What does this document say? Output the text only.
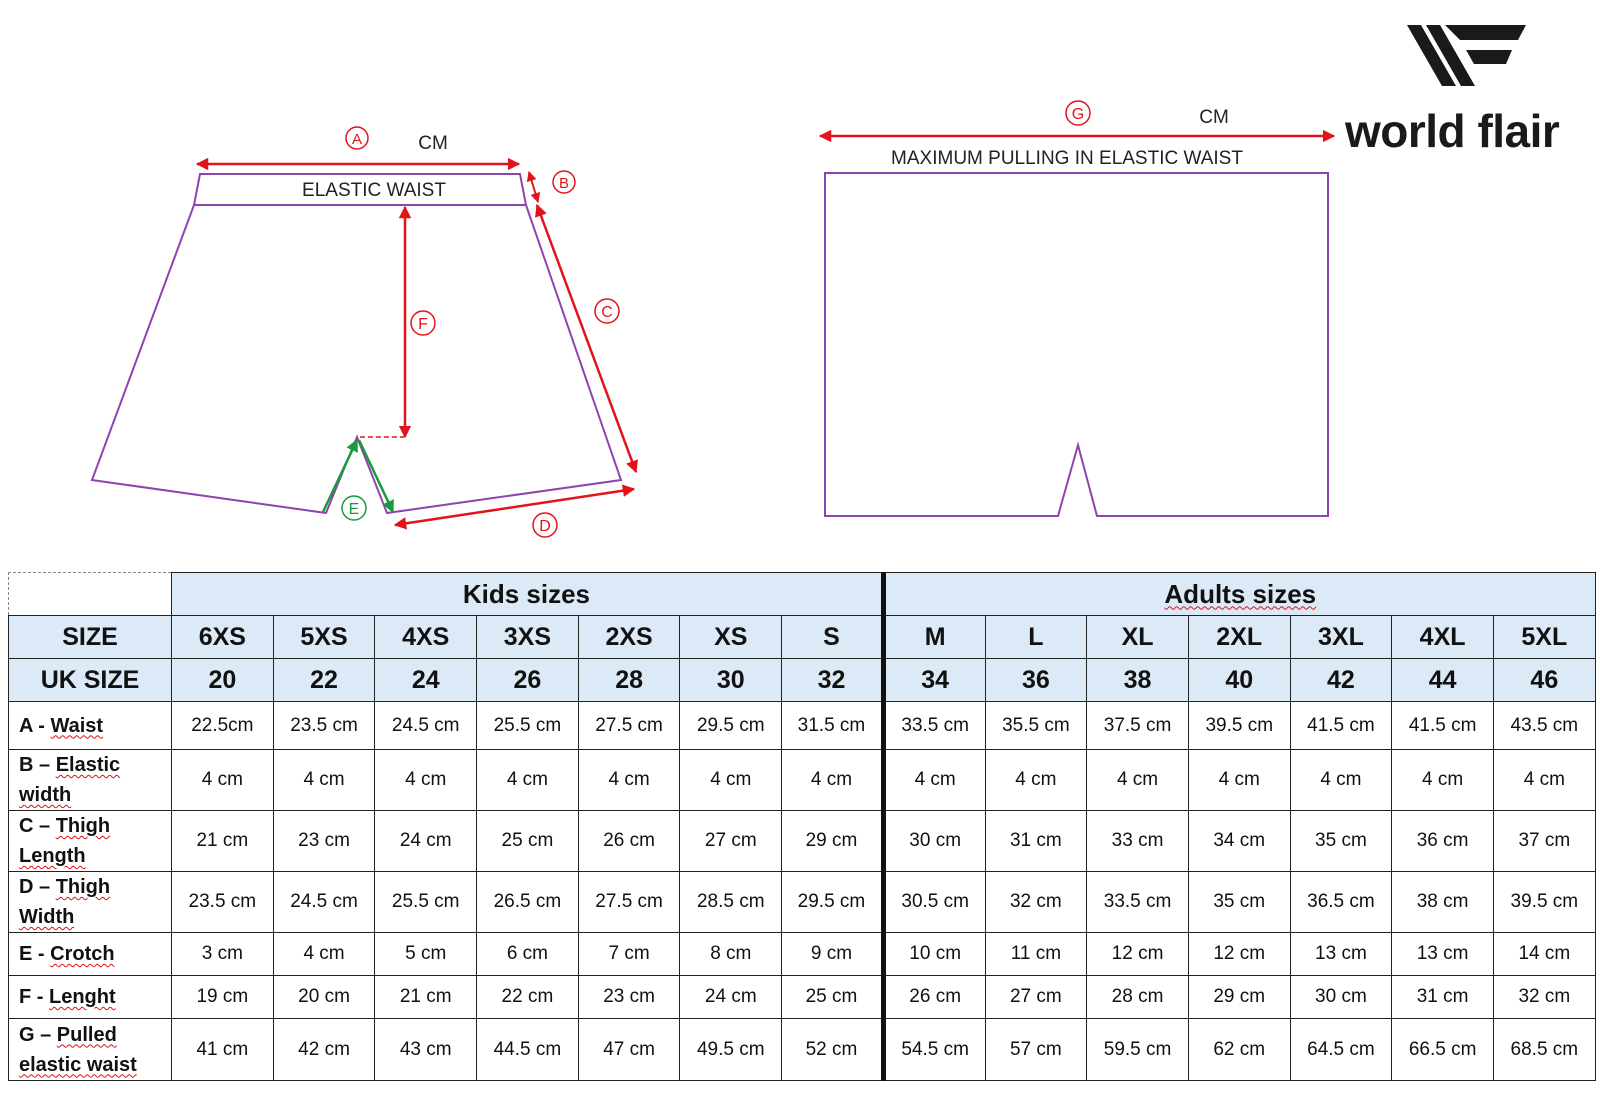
A	CM
ELASTIC WAIST	B
C
D
F
E
G	CM
MAXIMUM PULLING IN ELASTIC WAIST
world flair
	Kids sizes							Adults sizes						
SIZE	6XS	5XS	4XS	3XS	2XS	XS	S	M	L	XL	2XL	3XL	4XL	5XL
UK SIZE	20	22	24	26	28	30	32	34	36	38	40	42	44	46
A - Waist	22.5cm	23.5 cm	24.5 cm	25.5 cm	27.5 cm	29.5 cm	31.5 cm	33.5 cm	35.5 cm	37.5 cm	39.5 cm	41.5 cm	41.5 cm	43.5 cm
B – Elastic
width	4 cm	4 cm	4 cm	4 cm	4 cm	4 cm	4 cm	4 cm	4 cm	4 cm	4 cm	4 cm	4 cm	4 cm
C – Thigh
Length	21 cm	23 cm	24 cm	25 cm	26 cm	27 cm	29 cm	30 cm	31 cm	33 cm	34 cm	35 cm	36 cm	37 cm
D – Thigh
Width	23.5 cm	24.5 cm	25.5 cm	26.5 cm	27.5 cm	28.5 cm	29.5 cm	30.5 cm	32 cm	33.5 cm	35 cm	36.5 cm	38 cm	39.5 cm
E - Crotch	3 cm	4 cm	5 cm	6 cm	7 cm	8 cm	9 cm	10 cm	11 cm	12 cm	12 cm	13 cm	13 cm	14 cm
F - Lenght	19 cm	20 cm	21 cm	22 cm	23 cm	24 cm	25 cm	26 cm	27 cm	28 cm	29 cm	30 cm	31 cm	32 cm
G – Pulled
elastic waist	41 cm	42 cm	43 cm	44.5 cm	47 cm	49.5 cm	52 cm	54.5 cm	57 cm	59.5 cm	62 cm	64.5 cm	66.5 cm	68.5 cm
